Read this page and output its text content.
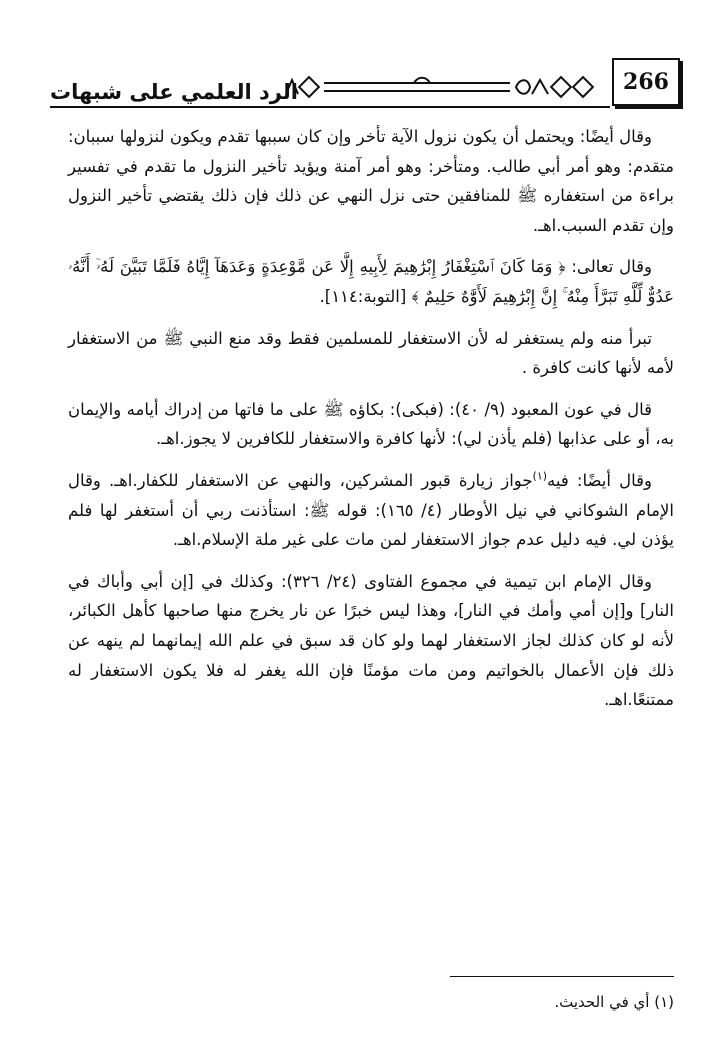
الرد العلمي على شبهات	266

وقال أيضًا: ويحتمل أن يكون نزول الآية تأخر وإن كان سببها تقدم ويكون لنزولها سببان: متقدم: وهو أمر أبي طالب. ومتأخر: وهو أمر آمنة ويؤيد تأخير النزول ما تقدم في تفسير براءة من استغفاره ﷺ للمنافقين حتى نزل النهي عن ذلك فإن ذلك يقتضي تأخير النزول وإن تقدم السبب.اهـ.

وقال تعالى: ﴿ وَمَا كَانَ ٱسْتِغْفَارُ إِبْرَٰهِيمَ لِأَبِيهِ إِلَّا عَن مَّوْعِدَةٍ وَعَدَهَآ إِيَّاهُ فَلَمَّا تَبَيَّنَ لَهُۥٓ أَنَّهُۥ عَدُوٌّ لِّلَّهِ تَبَرَّأَ مِنْهُ ۚ إِنَّ إِبْرَٰهِيمَ لَأَوَّٰهٌ حَلِيمٌ ﴾ [التوبة:١١٤].

تبرأ منه ولم يستغفر له لأن الاستغفار للمسلمين فقط وقد منع النبي ﷺ من الاستغفار لأمه لأنها كانت كافرة .

قال في عون المعبود (٩/ ٤٠): (فبكى): بكاؤه ﷺ على ما فاتها من إدراك أيامه والإيمان به، أو على عذابها (فلم يأذن لي): لأنها كافرة والاستغفار للكافرين لا يجوز.اهـ.

وقال أيضًا: فيه$^{(١)}$جواز زيارة قبور المشركين، والنهي عن الاستغفار للكفار.اهـ. وقال الإمام الشوكاني في نيل الأوطار (٤/ ١٦٥): قوله ﷺ: استأذنت ربي أن أستغفر لها فلم يؤذن لي. فيه دليل عدم جواز الاستغفار لمن مات على غير ملة الإسلام.اهـ.

وقال الإمام ابن تيمية في مجموع الفتاوى (٢٤/ ٣٢٦): وكذلك في [إن أبي وأباك في النار] و[إن أمي وأمك في النار]، وهذا ليس خبرًا عن نار يخرج منها صاحبها كأهل الكبائر، لأنه لو كان كذلك لجاز الاستغفار لهما ولو كان قد سبق في علم الله إيمانهما لم ينهه عن ذلك فإن الأعمال بالخواتيم ومن مات مؤمنًا فإن الله يغفر له فلا يكون الاستغفار له ممتنعًا.اهـ.

(١) أي في الحديث.
